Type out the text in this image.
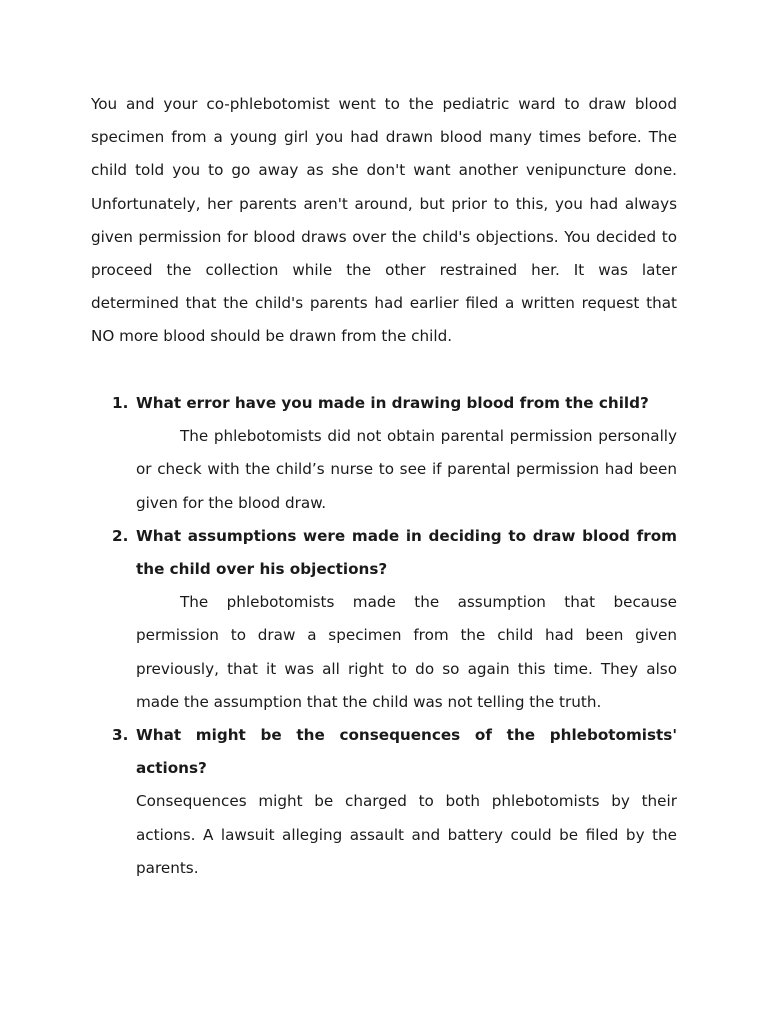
You and your co-phlebotomist went to the pediatric ward to draw blood specimen from a young girl you had drawn blood many times before. The child told you to go away as she don't want another venipuncture done. Unfortunately, her parents aren't around, but prior to this, you had always given permission for blood draws over the child's objections. You decided to proceed the collection while the other restrained her. It was later determined that the child's parents had earlier filed a written request that NO more blood should be drawn from the child.

1. What error have you made in drawing blood from the child?

The phlebotomists did not obtain parental permission personally or check with the child’s nurse to see if parental permission had been given for the blood draw.

2. What assumptions were made in deciding to draw blood from the child over his objections?

The phlebotomists made the assumption that because permission to draw a specimen from the child had been given previously, that it was all right to do so again this time. They also made the assumption that the child was not telling the truth.

3. What might be the consequences of the phlebotomists' actions?

Consequences might be charged to both phlebotomists by their actions. A lawsuit alleging assault and battery could be filed by the parents.
